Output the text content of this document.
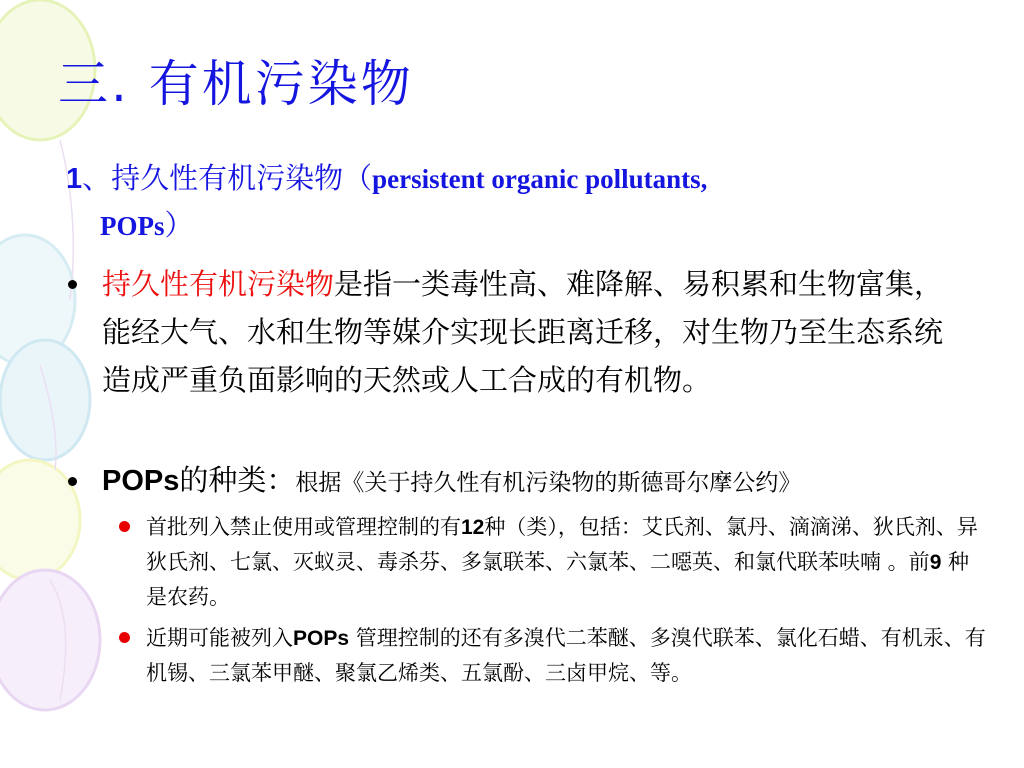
三. 有机污染物
1、持久性有机污染物（persistent organic pollutants,
POPs）
持久性有机污染物是指一类毒性高、难降解、易积累和生物富集，能经大气、水和生物等媒介实现长距离迁移，对生物乃至生态系统造成严重负面影响的天然或人工合成的有机物。
POPs的种类：根据《关于持久性有机污染物的斯德哥尔摩公约》
首批列入禁止使用或管理控制的有12种（类），包括：艾氏剂、氯丹、滴滴涕、狄氏剂、异狄氏剂、七氯、灭蚁灵、毒杀芬、多氯联苯、六氯苯、二噁英、和氯代联苯呋喃 。前9 种是农药。
近期可能被列入POPs 管理控制的还有多溴代二苯醚、多溴代联苯、氯化石蜡、有机汞、有机锡、三氯苯甲醚、聚氯乙烯类、五氯酚、三卤甲烷、等。
